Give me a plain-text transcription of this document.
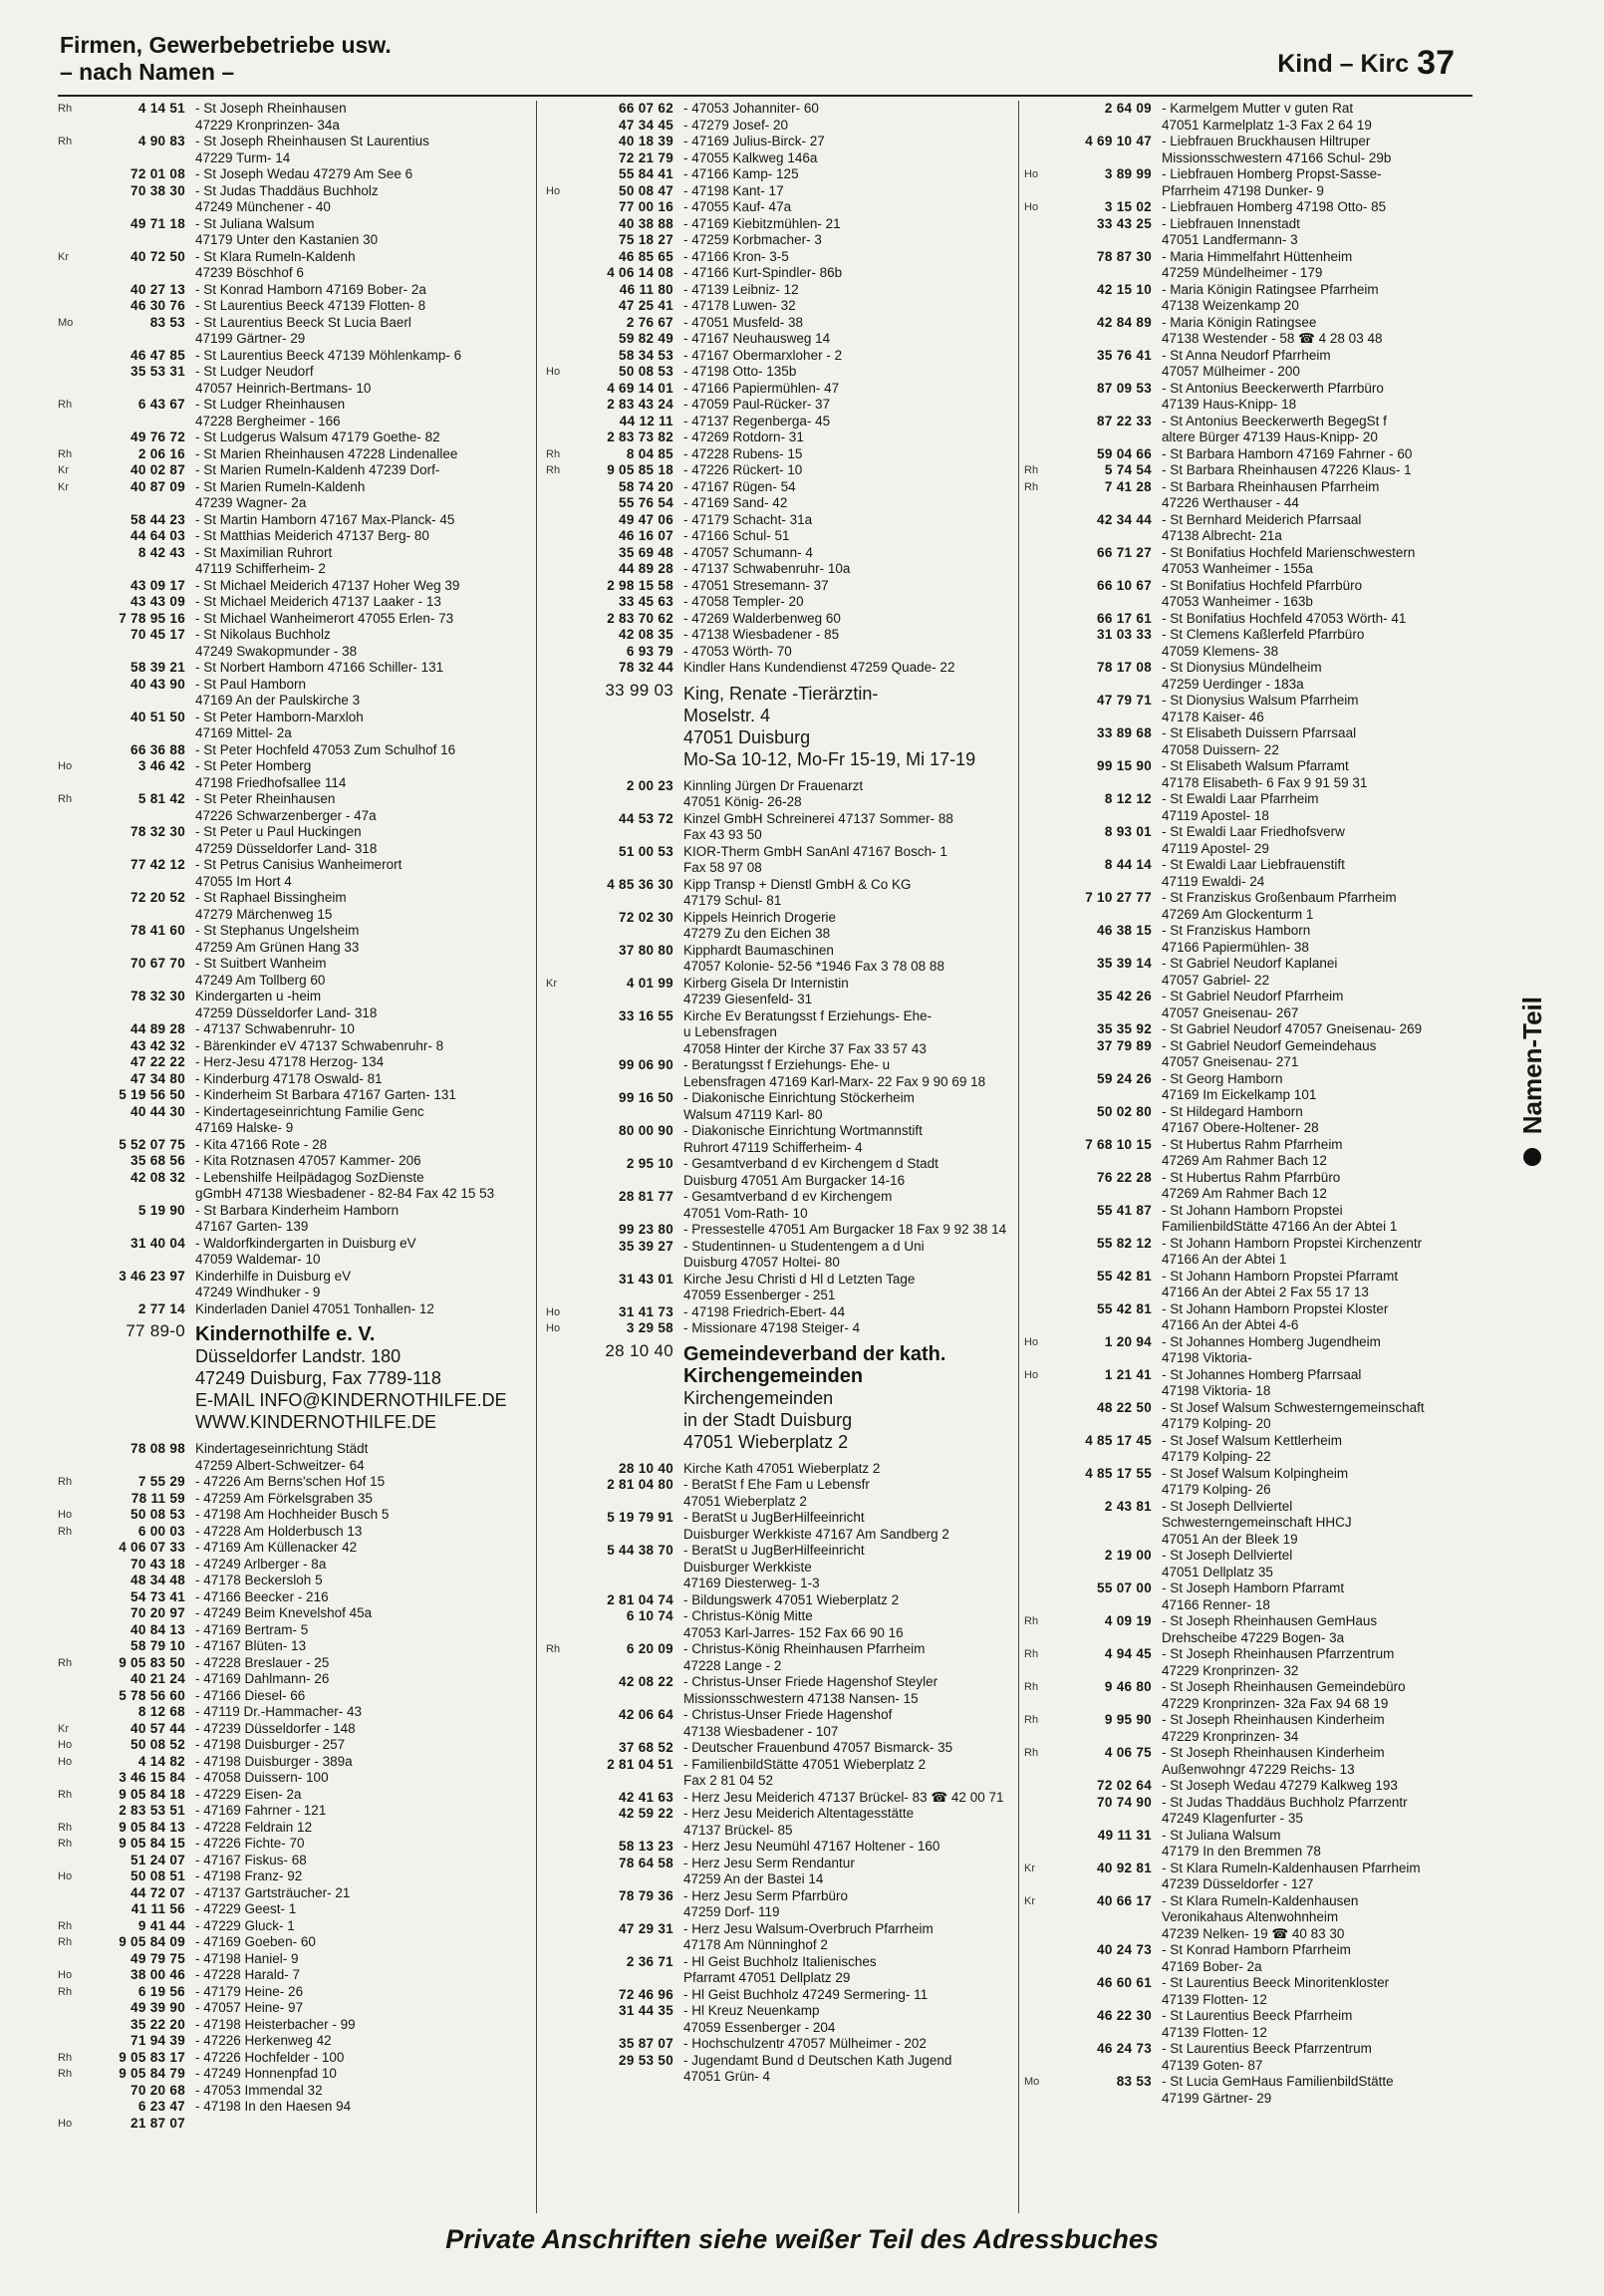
Firmen, Gewerbebetriebe usw.
– nach Namen –	Kind – Kirc 37
Rh	4 14 51 - St Joseph Rheinhausen
47229 Kronprinzen- 34a
Rh	4 90 83 - St Joseph Rheinhausen St Laurentius
47229 Turm- 14
72 01 08 - St Joseph Wedau 47279 Am See 6
70 38 30 - St Judas Thaddäus Buchholz
47249 Münchener - 40
49 71 18 - St Juliana Walsum
47179 Unter den Kastanien 30
Kr	40 72 50 - St Klara Rumeln-Kaldenh
47239 Böschhof 6
40 27 13 - St Konrad Hamborn 47169 Bober- 2a
46 30 76 - St Laurentius Beeck 47139 Flotten- 8
Mo	83 53 - St Laurentius Beeck St Lucia Baerl
47199 Gärtner- 29
46 47 85 - St Laurentius Beeck 47139 Möhlenkamp- 6
35 53 31 - St Ludger Neudorf
47057 Heinrich-Bertmans- 10
Rh	6 43 67 - St Ludger Rheinhausen
47228 Bergheimer - 166
49 76 72 - St Ludgerus Walsum 47179 Goethe- 82
Rh	2 06 16 - St Marien Rheinhausen 47228 Lindenallee
Kr	40 02 87 - St Marien Rumeln-Kaldenh 47239 Dorf-
Kr	40 87 09 - St Marien Rumeln-Kaldenh
47239 Wagner- 2a
58 44 23 - St Martin Hamborn 47167 Max-Planck- 45
44 64 03 - St Matthias Meiderich 47137 Berg- 80
8 42 43 - St Maximilian Ruhrort
47119 Schifferheim- 2
43 09 17 - St Michael Meiderich 47137 Hoher Weg 39
43 43 09 - St Michael Meiderich 47137 Laaker - 13
7 78 95 16 - St Michael Wanheimerort 47055 Erlen- 73
70 45 17 - St Nikolaus Buchholz
47249 Swakopmunder - 38
58 39 21 - St Norbert Hamborn 47166 Schiller- 131
40 43 90 - St Paul Hamborn
47169 An der Paulskirche 3
40 51 50 - St Peter Hamborn-Marxloh
47169 Mittel- 2a
66 36 88 - St Peter Hochfeld 47053 Zum Schulhof 16
Ho	3 46 42 - St Peter Homberg
47198 Friedhofsallee 114
Rh	5 81 42 - St Peter Rheinhausen
47226 Schwarzenberger - 47a
78 32 30 - St Peter u Paul Huckingen
47259 Düsseldorfer Land- 318
77 42 12 - St Petrus Canisius Wanheimerort
47055 Im Hort 4
72 20 52 - St Raphael Bissingheim
47279 Märchenweg 15
78 41 60 - St Stephanus Ungelsheim
47259 Am Grünen Hang 33
70 67 70 - St Suitbert Wanheim
47249 Am Tollberg 60
78 32 30 Kindergarten u -heim
47259 Düsseldorfer Land- 318
44 89 28 - 47137 Schwabenruhr- 10
43 42 32 - Bärenkinder eV 47137 Schwabenruhr- 8
47 22 22 - Herz-Jesu 47178 Herzog- 134
47 34 80 - Kinderburg 47178 Oswald- 81
5 19 56 50 - Kinderheim St Barbara 47167 Garten- 131
40 44 30 - Kindertageseinrichtung Familie Genc
47169 Halske- 9
5 52 07 75 - Kita 47166 Rote - 28
35 68 56 - Kita Rotznasen 47057 Kammer- 206
42 08 32 - Lebenshilfe Heilpädagog SozDienste
gGmbH 47138 Wiesbadener - 82-84 Fax 42 15 53
5 19 90 - St Barbara Kinderheim Hamborn
47167 Garten- 139
31 40 04 - Waldorfkindergarten in Duisburg eV
47059 Waldemar- 10
3 46 23 97 Kinderhilfe in Duisburg eV
47249 Windhuker - 9
2 77 14 Kinderladen Daniel 47051 Tonhallen- 12
77 89-0 Kindernothilfe e. V.
Düsseldorfer Landstr. 180
47249 Duisburg, Fax 7789-118
E-MAIL INFO@KINDERNOTHILFE.DE
WWW.KINDERNOTHILFE.DE
78 08 98 Kindertageseinrichtung Städt
47259 Albert-Schweitzer- 64
Rh	7 55 29 - 47226 Am Berns'schen Hof 15
78 11 59 - 47259 Am Förkelsgraben 35
Ho	50 08 53 - 47198 Am Hochheider Busch 5
Rh	6 00 03 - 47228 Am Holderbusch 13
4 06 07 33 - 47169 Am Küllenacker 42
70 43 18 - 47249 Arlberger - 8a
48 34 48 - 47178 Beckersloh 5
54 73 41 - 47166 Beecker - 216
70 20 97 - 47249 Beim Knevelshof 45a
40 84 13 - 47169 Bertram- 5
58 79 10 - 47167 Blüten- 13
Rh	9 05 83 50 - 47228 Breslauer - 25
40 21 24 - 47169 Dahlmann- 26
5 78 56 60 - 47166 Diesel- 66
8 12 68 - 47119 Dr.-Hammacher- 43
Kr	40 57 44 - 47239 Düsseldorfer - 148
Ho	50 08 52 - 47198 Duisburger - 257
Ho	4 14 82 - 47198 Duisburger - 389a
3 46 15 84 - 47058 Duissern- 100
Rh	9 05 84 18 - 47229 Eisen- 2a
2 83 53 51 - 47169 Fahrner - 121
Rh	9 05 84 13 - 47228 Feldrain 12
Rh	9 05 84 15 - 47226 Fichte- 70
51 24 07 - 47167 Fiskus- 68
Ho	50 08 51 - 47198 Franz- 92
44 72 07 - 47137 Gartsträucher- 21
41 11 56 - 47229 Geest- 1
Rh	9 41 44 - 47229 Gluck- 1
Rh	9 05 84 09 - 47169 Goeben- 60
49 79 75 - 47198 Haniel- 9
Ho	38 00 46 - 47228 Harald- 7
Rh	6 19 56 - 47179 Heine- 26
49 39 90 - 47057 Heine- 97
35 22 20 - 47198 Heisterbacher - 99
71 94 39 - 47226 Herkenweg 42
Rh	9 05 83 17 - 47226 Hochfelder - 100
Rh	9 05 84 79 - 47249 Honnenpfad 10
70 20 68 - 47053 Immendal 32
6 23 47 - 47198 In den Haesen 94
Ho	21 87 07
66 07 62 - 47053 Johanniter- 60
47 34 45 - 47279 Josef- 20
40 18 39 - 47169 Julius-Birck- 27
72 21 79 - 47055 Kalkweg 146a
55 84 41 - 47166 Kamp- 125
Ho	50 08 47 - 47198 Kant- 17
77 00 16 - 47055 Kauf- 47a
40 38 88 - 47169 Kiebitzmühlen- 21
75 18 27 - 47259 Korbmacher- 3
46 85 65 - 47166 Kron- 3-5
4 06 14 08 - 47166 Kurt-Spindler- 86b
46 11 80 - 47139 Leibniz- 12
47 25 41 - 47178 Luwen- 32
2 76 67 - 47051 Musfeld- 38
59 82 49 - 47167 Neuhausweg 14
58 34 53 - 47167 Obermarxloher - 2
Ho	50 08 53 - 47198 Otto- 135b
4 69 14 01 - 47166 Papiermühlen- 47
2 83 43 24 - 47059 Paul-Rücker- 37
44 12 11 - 47137 Regenberga- 45
2 83 73 82 - 47269 Rotdorn- 31
Rh	8 04 85 - 47228 Rubens- 15
Rh	9 05 85 18 - 47226 Rückert- 10
58 74 20 - 47167 Rügen- 54
55 76 54 - 47169 Sand- 42
49 47 06 - 47179 Schacht- 31a
46 16 07 - 47166 Schul- 51
35 69 48 - 47057 Schumann- 4
44 89 28 - 47137 Schwabenruhr- 10a
2 98 15 58 - 47051 Stresemann- 37
33 45 63 - 47058 Templer- 20
2 83 70 62 - 47269 Walderbenweg 60
42 08 35 - 47138 Wiesbadener - 85
6 93 79 - 47053 Wörth- 70
78 32 44 Kindler Hans Kundendienst 47259 Quade- 22
33 99 03 King, Renate -Tierärztin-
Moselstr. 4
47051 Duisburg
Mo-Sa 10-12, Mo-Fr 15-19, Mi 17-19
2 00 23 Kinnling Jürgen Dr Frauenarzt
47051 König- 26-28
44 53 72 Kinzel GmbH Schreinerei 47137 Sommer- 88
Fax 43 93 50
51 00 53 KIOR-Therm GmbH SanAnl 47167 Bosch- 1
Fax 58 97 08
4 85 36 30 Kipp Transp + Dienstl GmbH & Co KG
47179 Schul- 81
72 02 30 Kippels Heinrich Drogerie
47279 Zu den Eichen 38
37 80 80 Kipphardt Baumaschinen
47057 Kolonie- 52-56 *1946 Fax 3 78 08 88
Kr	4 01 99 Kirberg Gisela Dr Internistin
47239 Giesenfeld- 31
33 16 55 Kirche Ev Beratungsst f Erziehungs- Ehe-
u Lebensfragen
47058 Hinter der Kirche 37 Fax 33 57 43
99 06 90 - Beratungsst f Erziehungs- Ehe- u
Lebensfragen 47169 Karl-Marx- 22 Fax 9 90 69 18
99 16 50 - Diakonische Einrichtung Stöckerheim
Walsum 47119 Karl- 80
80 00 90 - Diakonische Einrichtung Wortmannstift
Ruhrort 47119 Schifferheim- 4
2 95 10 - Gesamtverband d ev Kirchengem d Stadt
Duisburg 47051 Am Burgacker 14-16
28 81 77 - Gesamtverband d ev Kirchengem
47051 Vom-Rath- 10
99 23 80 - Pressestelle 47051 Am Burgacker 18 Fax 9 92 38 14
35 39 27 - Studentinnen- u Studentengem a d Uni
Duisburg 47057 Holtei- 80
31 43 01 Kirche Jesu Christi d Hl d Letzten Tage
47059 Essenberger - 251
Ho	31 41 73 - 47198 Friedrich-Ebert- 44
Ho	3 29 58 - Missionare 47198 Steiger- 4
28 10 40 Gemeindeverband der kath. Kirchengemeinden
Kirchengemeinden
in der Stadt Duisburg
47051 Wieberplatz 2
28 10 40 Kirche Kath 47051 Wieberplatz 2
2 81 04 80 - BeratSt f Ehe Fam u Lebensfr
47051 Wieberplatz 2
5 19 79 91 - BeratSt u JugBerHilfeeinricht
Duisburger Werkkiste 47167 Am Sandberg 2
5 44 38 70 - BeratSt u JugBerHilfeeinricht
Duisburger Werkkiste
47169 Diesterweg- 1-3
2 81 04 74 - Bildungswerk 47051 Wieberplatz 2
6 10 74 - Christus-König Mitte
47053 Karl-Jarres- 152 Fax 66 90 16
Rh	6 20 09 - Christus-König Rheinhausen Pfarrheim
47228 Lange - 2
42 08 22 - Christus-Unser Friede Hagenshof Steyler
Missionsschwestern 47138 Nansen- 15
42 06 64 - Christus-Unser Friede Hagenshof
47138 Wiesbadener - 107
37 68 52 - Deutscher Frauenbund 47057 Bismarck- 35
2 81 04 51 - FamilienbildStätte 47051 Wieberplatz 2
Fax 2 81 04 52
42 41 63 - Herz Jesu Meiderich 47137 Brückel- 83 ☎ 42 00 71
42 59 22 - Herz Jesu Meiderich Altentagesstätte
47137 Brückel- 85
58 13 23 - Herz Jesu Neumühl 47167 Holtener - 160
78 64 58 - Herz Jesu Serm Rendantur
47259 An der Bastei 14
78 79 36 - Herz Jesu Serm Pfarrbüro
47259 Dorf- 119
47 29 31 - Herz Jesu Walsum-Overbruch Pfarrheim
47178 Am Nünninghof 2
2 36 71 - Hl Geist Buchholz Italienisches
Pfarramt 47051 Dellplatz 29
72 46 96 - Hl Geist Buchholz 47249 Sermering- 11
31 44 35 - Hl Kreuz Neuenkamp
47059 Essenberger - 204
35 87 07 - Hochschulzentr 47057 Mülheimer - 202
29 53 50 - Jugendamt Bund d Deutschen Kath Jugend
47051 Grün- 4
2 64 09 - Karmelgem Mutter v guten Rat
47051 Karmelplatz 1-3 Fax 2 64 19
4 69 10 47 - Liebfrauen Bruckhausen Hiltruper
Missionsschwestern 47166 Schul- 29b
Ho	3 89 99 - Liebfrauen Homberg Propst-Sasse-
Pfarrheim 47198 Dunker- 9
Ho	3 15 02 - Liebfrauen Homberg 47198 Otto- 85
33 43 25 - Liebfrauen Innenstadt
47051 Landfermann- 3
78 87 30 - Maria Himmelfahrt Hüttenheim
47259 Mündelheimer - 179
42 15 10 - Maria Königin Ratingsee Pfarrheim
47138 Weizenkamp 20
42 84 89 - Maria Königin Ratingsee
47138 Westender - 58 ☎ 4 28 03 48
35 76 41 - St Anna Neudorf Pfarrheim
47057 Mülheimer - 200
87 09 53 - St Antonius Beeckerwerth Pfarrbüro
47139 Haus-Knipp- 18
87 22 33 - St Antonius Beeckerwerth BegegSt f
altere Bürger 47139 Haus-Knipp- 20
59 04 66 - St Barbara Hamborn 47169 Fahrner - 60
Rh	5 74 54 - St Barbara Rheinhausen 47226 Klaus- 1
Rh	7 41 28 - St Barbara Rheinhausen Pfarrheim
47226 Werthauser - 44
42 34 44 - St Bernhard Meiderich Pfarrsaal
47138 Albrecht- 21a
66 71 27 - St Bonifatius Hochfeld Marienschwestern
47053 Wanheimer - 155a
66 10 67 - St Bonifatius Hochfeld Pfarrbüro
47053 Wanheimer - 163b
66 17 61 - St Bonifatius Hochfeld 47053 Wörth- 41
31 03 33 - St Clemens Kaßlerfeld Pfarrbüro
47059 Klemens- 38
78 17 08 - St Dionysius Mündelheim
47259 Uerdinger - 183a
47 79 71 - St Dionysius Walsum Pfarrheim
47178 Kaiser- 46
33 89 68 - St Elisabeth Duissern Pfarrsaal
47058 Duissern- 22
99 15 90 - St Elisabeth Walsum Pfarramt
47178 Elisabeth- 6 Fax 9 91 59 31
8 12 12 - St Ewaldi Laar Pfarrheim
47119 Apostel- 18
8 93 01 - St Ewaldi Laar Friedhofsverw
47119 Apostel- 29
8 44 14 - St Ewaldi Laar Liebfrauenstift
47119 Ewaldi- 24
7 10 27 77 - St Franziskus Großenbaum Pfarrheim
47269 Am Glockenturm 1
46 38 15 - St Franziskus Hamborn
47166 Papiermühlen- 38
35 39 14 - St Gabriel Neudorf Kaplanei
47057 Gabriel- 22
35 42 26 - St Gabriel Neudorf Pfarrheim
47057 Gneisenau- 267
35 35 92 - St Gabriel Neudorf 47057 Gneisenau- 269
37 79 89 - St Gabriel Neudorf Gemeindehaus
47057 Gneisenau- 271
59 24 26 - St Georg Hamborn
47169 Im Eickelkamp 101
50 02 80 - St Hildegard Hamborn
47167 Obere-Holtener- 28
7 68 10 15 - St Hubertus Rahm Pfarrheim
47269 Am Rahmer Bach 12
76 22 28 - St Hubertus Rahm Pfarrbüro
47269 Am Rahmer Bach 12
55 41 87 - St Johann Hamborn Propstei
FamilienbildStätte 47166 An der Abtei 1
55 82 12 - St Johann Hamborn Propstei Kirchenzentr
47166 An der Abtei 1
55 42 81 - St Johann Hamborn Propstei Pfarramt
47166 An der Abtei 2 Fax 55 17 13
55 42 81 - St Johann Hamborn Propstei Kloster
47166 An der Abtei 4-6
Ho	1 20 94 - St Johannes Homberg Jugendheim
47198 Viktoria-
Ho	1 21 41 - St Johannes Homberg Pfarrsaal
47198 Viktoria- 18
48 22 50 - St Josef Walsum Schwesterngemeinschaft
47179 Kolping- 20
4 85 17 45 - St Josef Walsum Kettlerheim
47179 Kolping- 22
4 85 17 55 - St Josef Walsum Kolpingheim
47179 Kolping- 26
2 43 81 - St Joseph Dellviertel
Schwesterngemeinschaft HHCJ
47051 An der Bleek 19
2 19 00 - St Joseph Dellviertel
47051 Dellplatz 35
55 07 00 - St Joseph Hamborn Pfarramt
47166 Renner- 18
Rh	4 09 19 - St Joseph Rheinhausen GemHaus
Drehscheibe 47229 Bogen- 3a
Rh	4 94 45 - St Joseph Rheinhausen Pfarrzentrum
47229 Kronprinzen- 32
Rh	9 46 80 - St Joseph Rheinhausen Gemeindebüro
47229 Kronprinzen- 32a Fax 94 68 19
Rh	9 95 90 - St Joseph Rheinhausen Kinderheim
47229 Kronprinzen- 34
Rh	4 06 75 - St Joseph Rheinhausen Kinderheim
Außenwohngr 47229 Reichs- 13
72 02 64 - St Joseph Wedau 47279 Kalkweg 193
70 74 90 - St Judas Thaddäus Buchholz Pfarrzentr
47249 Klagenfurter - 35
49 11 31 - St Juliana Walsum
47179 In den Bremmen 78
Kr	40 92 81 - St Klara Rumeln-Kaldenhausen Pfarrheim
47239 Düsseldorfer - 127
Kr	40 66 17 - St Klara Rumeln-Kaldenhausen
Veronikahaus Altenwohnheim
47239 Nelken- 19 ☎ 40 83 30
40 24 73 - St Konrad Hamborn Pfarrheim
47169 Bober- 2a
46 60 61 - St Laurentius Beeck Minoritenkloster
47139 Flotten- 12
46 22 30 - St Laurentius Beeck Pfarrheim
47139 Flotten- 12
46 24 73 - St Laurentius Beeck Pfarrzentrum
47139 Goten- 87
Mo	83 53 - St Lucia GemHaus FamilienbildStätte
47199 Gärtner- 29
Namen-Teil
Private Anschriften siehe weißer Teil des Adressbuches
